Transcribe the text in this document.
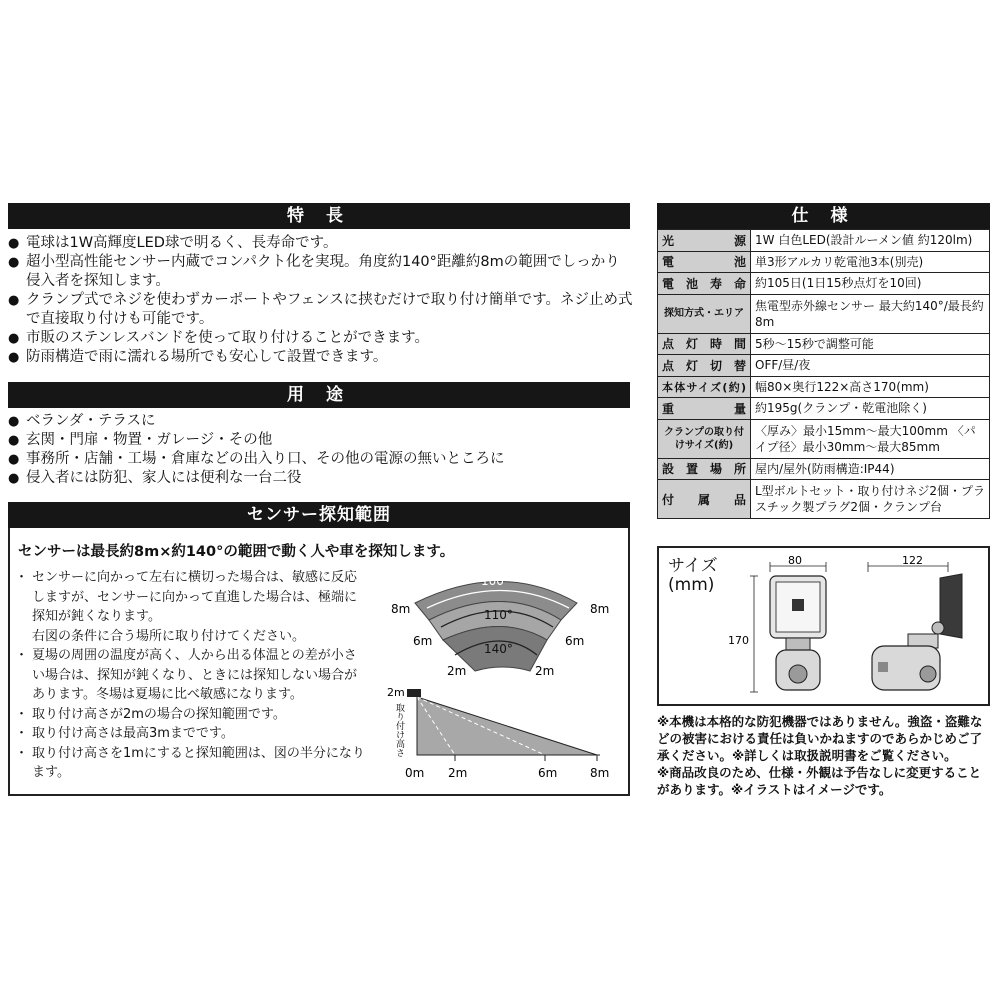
特 長
● 電球は1W高輝度LED球で明るく、長寿命です。
● 超小型高性能センサー内蔵でコンパクト化を実現。角度約140°距離約8mの範囲でしっかり侵入者を探知します。
● クランプ式でネジを使わずカーポートやフェンスに挟むだけで取り付け簡単です。ネジ止め式で直接取り付けも可能です。
● 市販のステンレスバンドを使って取り付けることができます。
● 防雨構造で雨に濡れる場所でも安心して設置できます。
用 途
● ベランダ・テラスに
● 玄関・門扉・物置・ガレージ・その他
● 事務所・店舗・工場・倉庫などの出入り口、その他の電源の無いところに
● 侵入者には防犯、家人には便利な一台二役
センサー探知範囲
センサーは最長約8m×約140°の範囲で動く人や車を探知します。
・ センサーに向かって左右に横切った場合は、敏感に反応しますが、センサーに向かって直進した場合は、極端に探知が鈍くなります。
右図の条件に合う場所に取り付けてください。
・ 夏場の周囲の温度が高く、人から出る体温との差が小さい場合は、探知が鈍くなり、ときには探知しない場合があります。冬場は夏場に比べ敏感になります。
・ 取り付け高さが2mの場合の探知範囲です。
・ 取り付け高さは最高3mまでです。
・ 取り付け高さを1mにすると探知範囲は、図の半分になります。
100°
110°
140°
8m	8m
6m	6m
2m	2m
2m
取り付け高さ
0m 2m	6m	8m
仕 様
光源	1W 白色LED(設計ルーメン値 約120lm)
電池	単3形アルカリ乾電池3本(別売)
電池寿命	約105日(1日15秒点灯を10回)
探知方式・エリア	焦電型赤外線センサー 最大約140°/最長約8m
点灯時間	5秒〜15秒で調整可能
点灯切替	OFF/昼/夜
本体サイズ(約)	幅80×奥行122×高さ170(mm)
重量	約195g(クランプ・乾電池除く)
クランプの取り付けサイズ(約)	〈厚み〉最小15mm〜最大100mm 〈パイプ径〉最小30mm〜最大85mm
設置場所	屋内/屋外(防雨構造:IP44)
付属品	L型ボルトセット・取り付けネジ2個・プラスチック製プラグ2個・クランプ台
サイズ
(mm)
80
170
122
※本機は本格的な防犯機器ではありません。強盗・盗難などの被害における責任は負いかねますのであらかじめご了承ください。※詳しくは取扱説明書をご覧ください。
※商品改良のため、仕様・外観は予告なしに変更することがあります。※イラストはイメージです。
